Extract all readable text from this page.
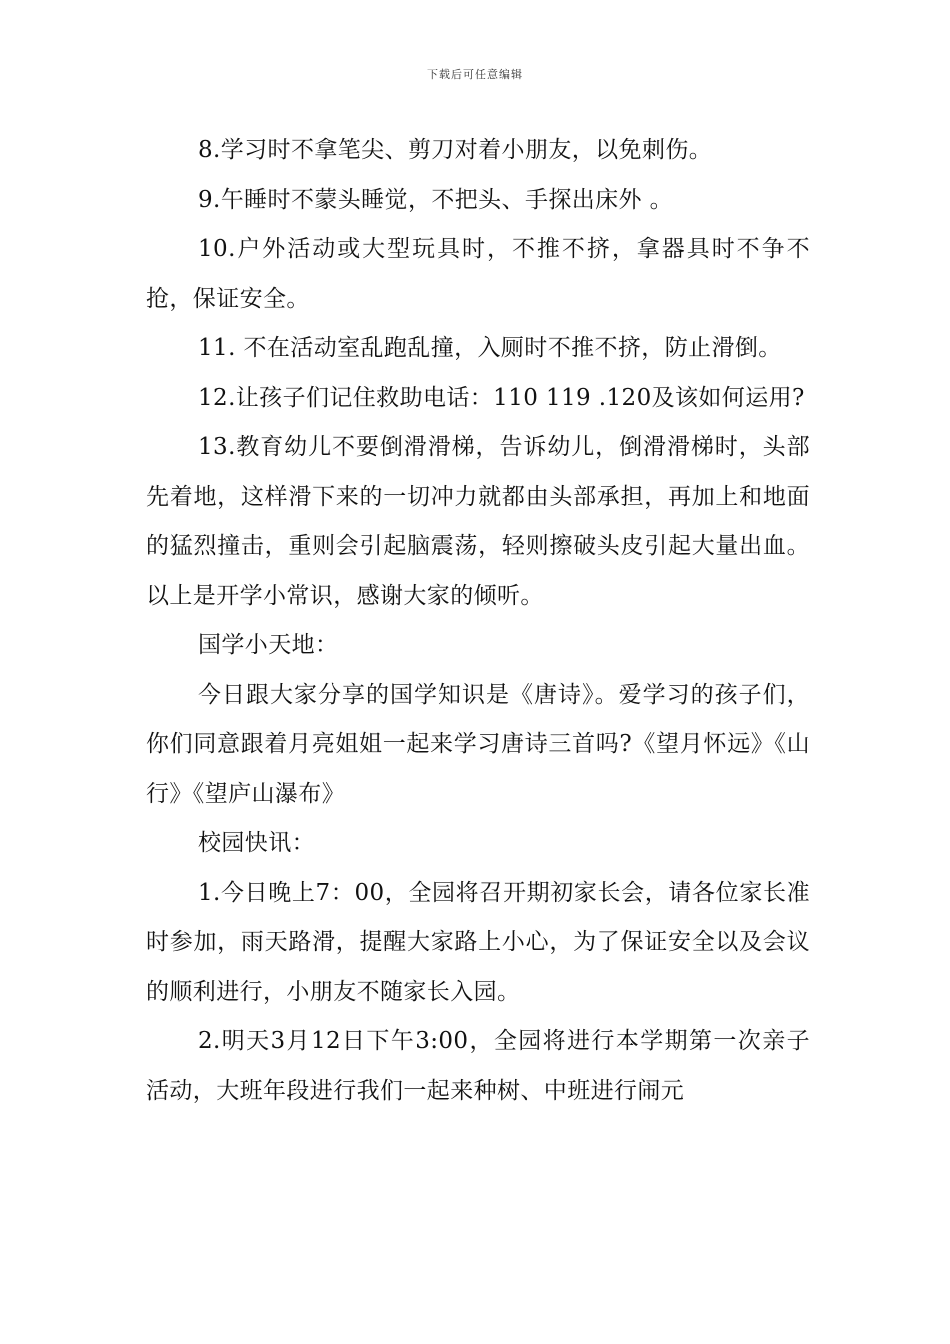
下载后可任意编辑

8.学习时不拿笔尖、剪刀对着小朋友，以免刺伤。

9.午睡时不蒙头睡觉，不把头、手探出床外 。

10.户外活动或大型玩具时，不推不挤，拿器具时不争不抢，保证安全。

11. 不在活动室乱跑乱撞，入厕时不推不挤，防止滑倒。

12.让孩子们记住救助电话：110 119 .120及该如何运用?

13.教育幼儿不要倒滑滑梯，告诉幼儿，倒滑滑梯时，头部先着地，这样滑下来的一切冲力就都由头部承担，再加上和地面的猛烈撞击，重则会引起脑震荡，轻则擦破头皮引起大量出血。以上是开学小常识，感谢大家的倾听。

国学小天地：

今日跟大家分享的国学知识是《唐诗》。爱学习的孩子们，你们同意跟着月亮姐姐一起来学习唐诗三首吗?《望月怀远》《山行》《望庐山瀑布》

校园快讯：

1.今日晚上7：00，全园将召开期初家长会，请各位家长准时参加，雨天路滑，提醒大家路上小心，为了保证安全以及会议的顺利进行，小朋友不随家长入园。

2.明天3月12日下午3:00，全园将进行本学期第一次亲子活动，大班年段进行我们一起来种树、中班进行闹元
